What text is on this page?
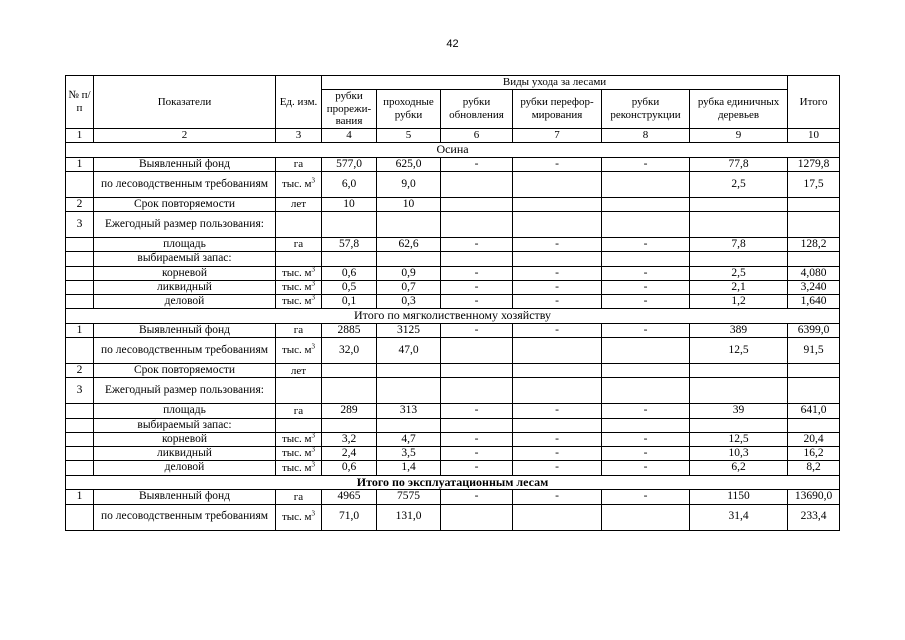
42
№ п/п	Показатели	Ед. изм.	Виды ухода за лесами						Итого
			рубки прорежи-вания	проходные рубки	рубки обновления	рубки перефор-мирования	рубки реконструкции	рубка единичных деревьев	
1	2	3	4	5	6	7	8	9	10
Осина									
1	Выявленный фонд	га	577,0	625,0	-	-	-	77,8	1279,8
	по лесоводственным требованиям	тыс. $м^3$	6,0	9,0				2,5	17,5
2	Срок повторяемости	лет	10	10					
3	Ежегодный размер пользования:								
	площадь	га	57,8	62,6	-	-	-	7,8	128,2
	выбираемый запас:								
	корневой	тыс. $м^3$	0,6	0,9	-	-	-	2,5	4,080
	ликвидный	тыс. $м^3$	0,5	0,7	-	-	-	2,1	3,240
	деловой	тыс. $м^3$	0,1	0,3	-	-	-	1,2	1,640
Итого по мягколиственному хозяйству									
1	Выявленный фонд	га	2885	3125	-	-	-	389	6399,0
	по лесоводственным требованиям	тыс. $м^3$	32,0	47,0				12,5	91,5
2	Срок повторяемости	лет							
3	Ежегодный размер пользования:								
	площадь	га	289	313	-	-	-	39	641,0
	выбираемый запас:								
	корневой	тыс. $м^3$	3,2	4,7	-	-	-	12,5	20,4
	ликвидный	тыс. $м^3$	2,4	3,5	-	-	-	10,3	16,2
	деловой	тыс. $м^3$	0,6	1,4	-	-	-	6,2	8,2
Итого по эксплуатационным лесам									
1	Выявленный фонд	га	4965	7575	-	-	-	1150	13690,0
	по лесоводственным требованиям	тыс. $м^3$	71,0	131,0				31,4	233,4
